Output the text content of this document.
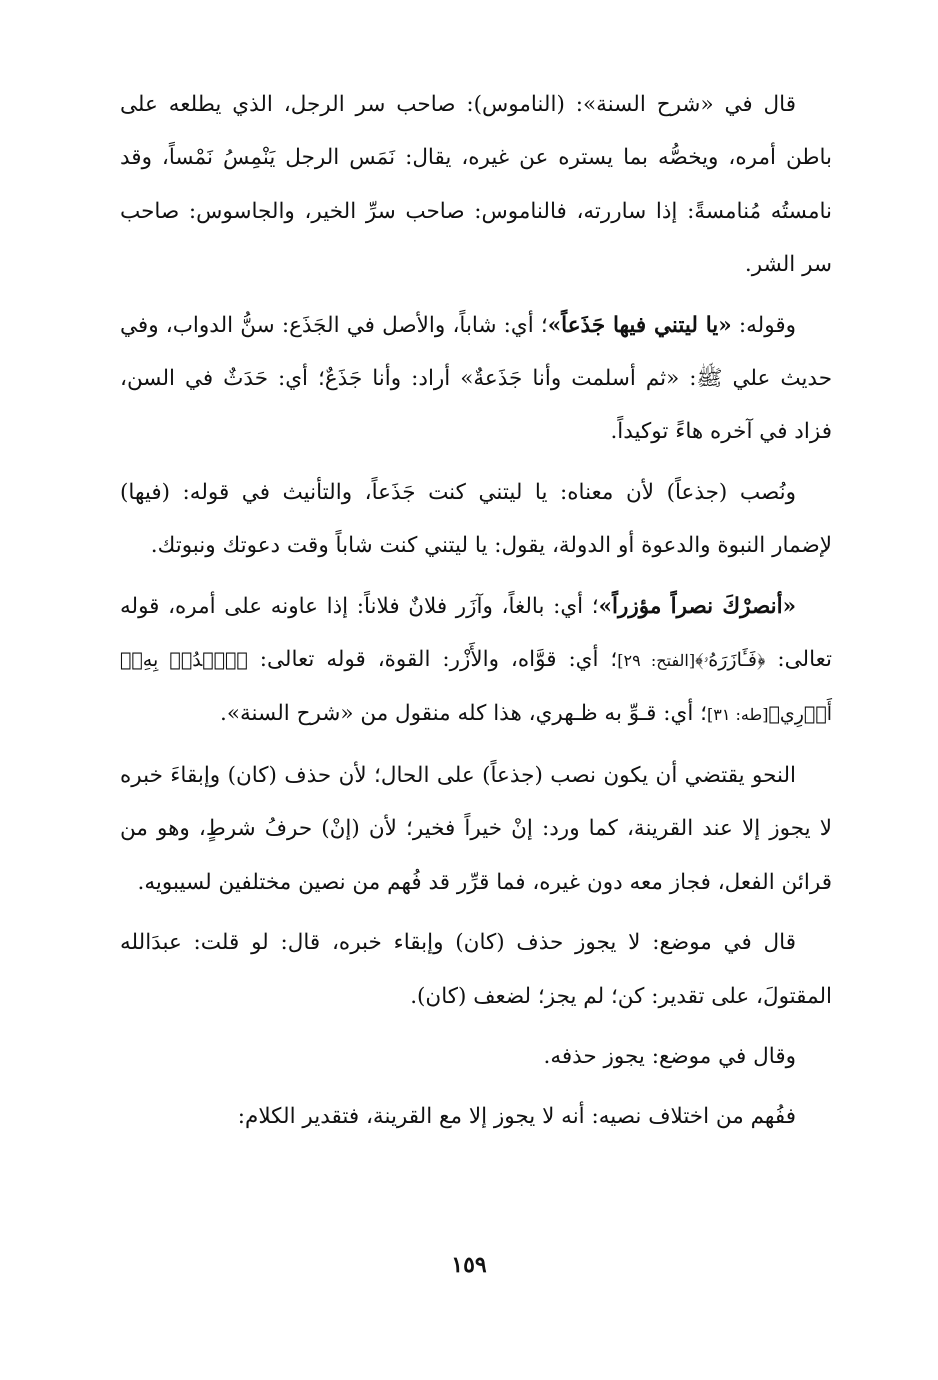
قال في «شرح السنة»: (الناموس): صاحب سر الرجل، الذي يطلعه على باطن أمره، ويخصُّه بما يستره عن غيره، يقال: نَمَس الرجل يَنْمِسُ نَمْساً، وقد نامستُه مُنامسةً: إذا ساررته، فالناموس: صاحب سرِّ الخير، والجاسوس: صاحب سر الشر.

وقوله: «يا ليتني فيها جَذَعاً»؛ أي: شاباً، والأصل في الجَذَع: سنُّ الدواب، وفي حديث علي ﷺ: «ثم أسلمت وأنا جَذَعةٌ» أراد: وأنا جَذَعٌ؛ أي: حَدَثٌ في السن، فزاد في آخره هاءً توكيداً.

ونُصب (جذعاً) لأن معناه: يا ليتني كنت جَذَعاً، والتأنيث في قوله: (فيها) لإضمار النبوة والدعوة أو الدولة، يقول: يا ليتني كنت شاباً وقت دعوتك ونبوتك.

«أنصرْكَ نصراً مؤزراً»؛ أي: بالغاً، وآزَر فلانٌ فلاناً: إذا عاونه على أمره، قوله تعالى: ﴿فَـَٔازَرَهُۥ﴾[الفتح: ٢٩]؛ أي: قوَّاه، والأَزْر: القوة، قوله تعالى: ﴿ٱشۡدُدۡ بِهِۦٓ أَزۡرِي﴾[طه: ٣١]؛ أي: قـوِّ به ظـهري، هذا كله منقول من «شرح السنة».

النحو يقتضي أن يكون نصب (جذعاً) على الحال؛ لأن حذف (كان) وإبقاءَ خبره لا يجوز إلا عند القرينة، كما ورد: إنْ خيراً فخير؛ لأن (إنْ) حرفُ شرطٍ، وهو من قرائن الفعل، فجاز معه دون غيره، فما قرِّر قد فُهم من نصين مختلفين لسيبويه.

قال في موضع: لا يجوز حذف (كان) وإبقاء خبره، قال: لو قلت: عبدَالله المقتولَ، على تقدير: كن؛ لم يجز؛ لضعف (كان).

وقال في موضع: يجوز حذفه.

ففُهم من اختلاف نصيه: أنه لا يجوز إلا مع القرينة، فتقدير الكلام:

١٥٩
